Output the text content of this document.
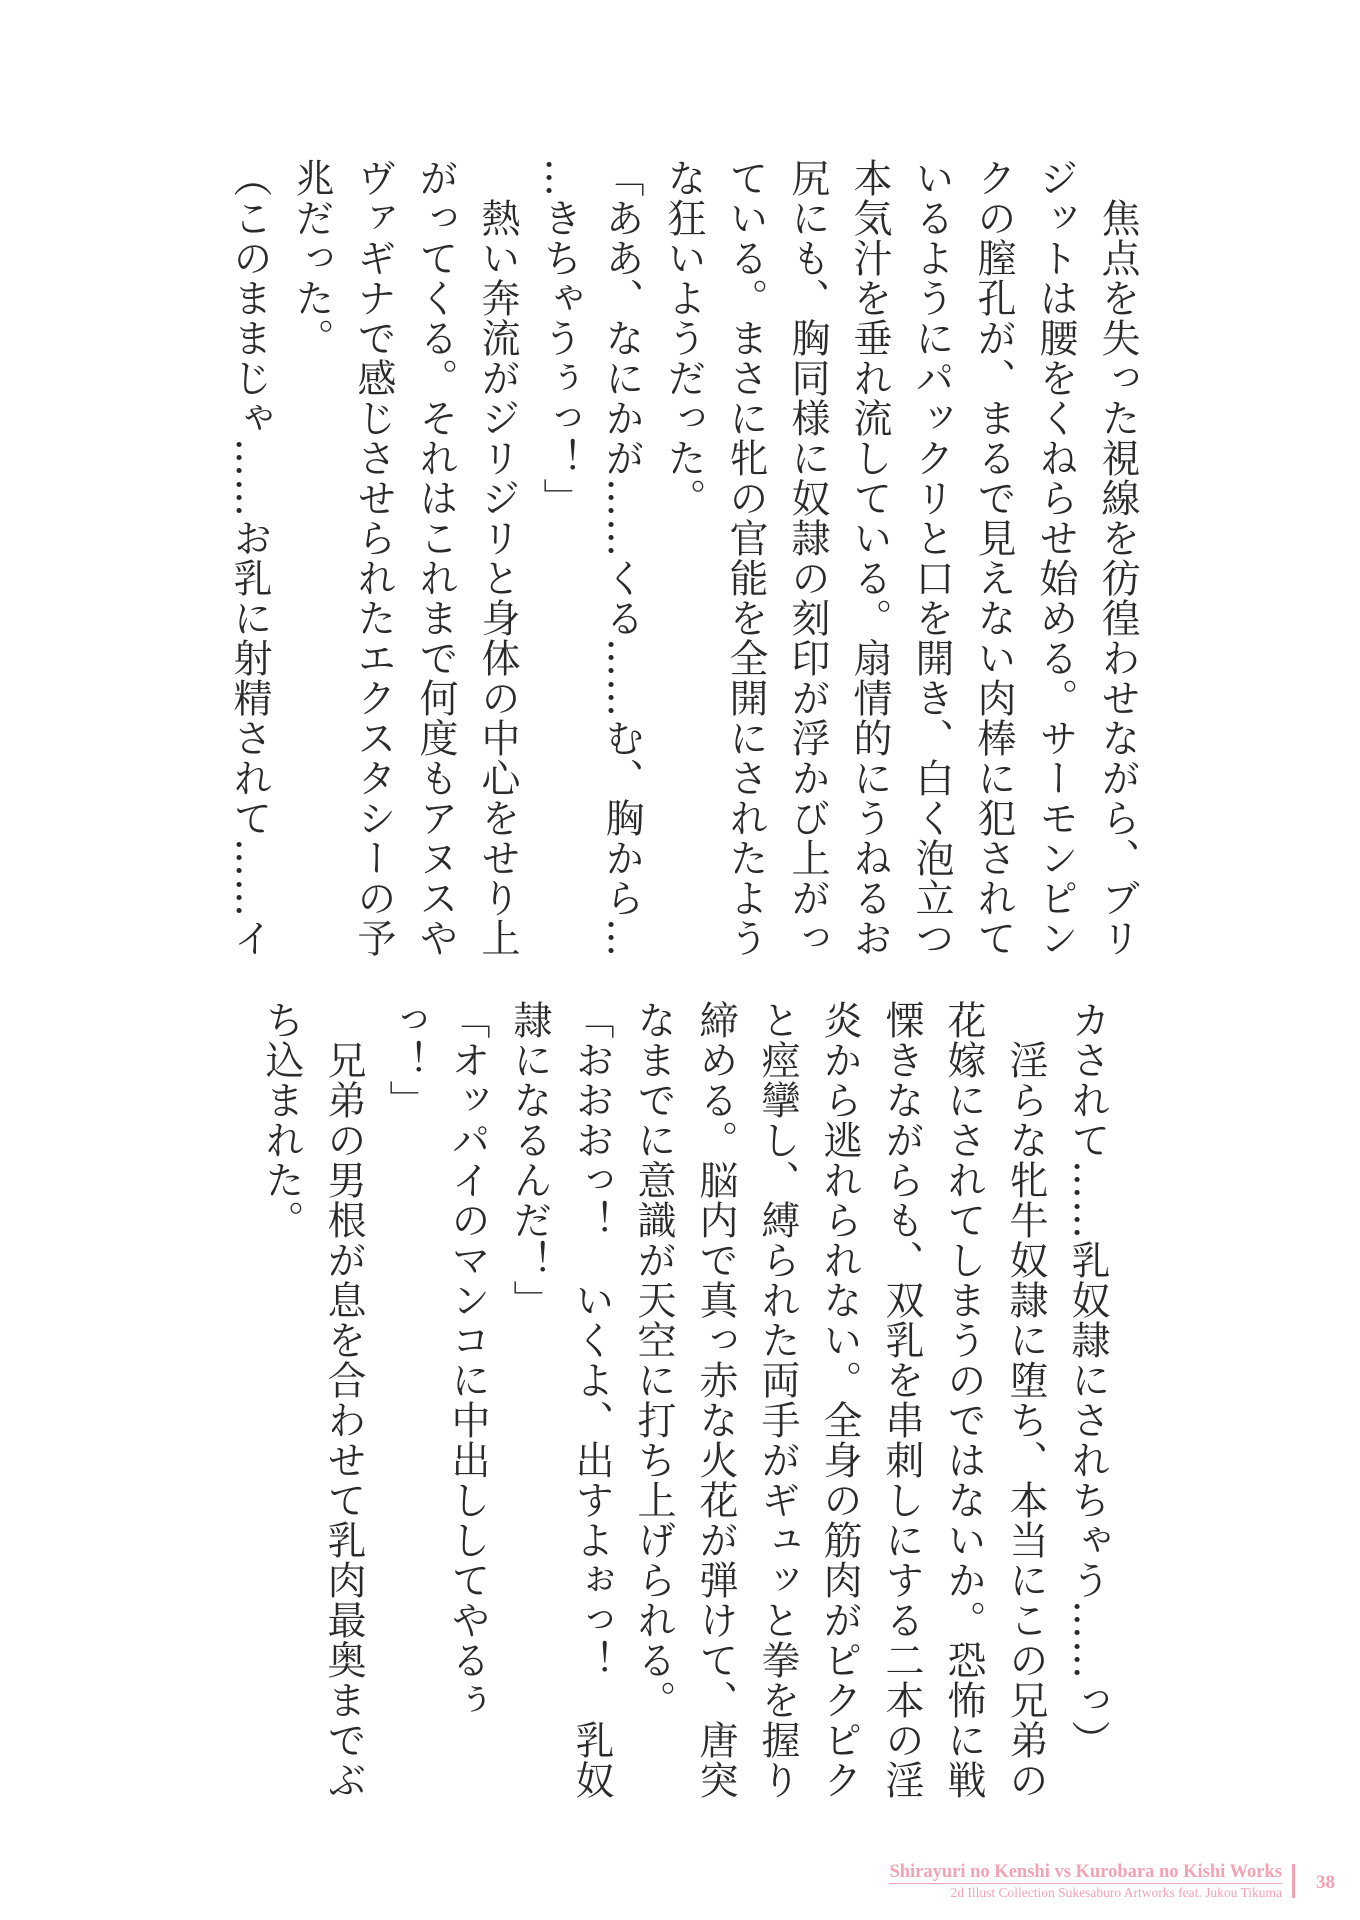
　焦点を失った視線を彷徨わせながら、ブリ
ジットは腰をくねらせ始める。サーモンピン
クの膣孔が、まるで見えない肉棒に犯されて
いるようにパックリと口を開き、白く泡立つ
本気汁を垂れ流している。扇情的にうねるお
尻にも、胸同様に奴隷の刻印が浮かび上がっ
ている。まさに牝の官能を全開にされたよう
な狂いようだった。
「ああ、なにかが……くる……む、胸から…
…きちゃうぅっ！」
　熱い奔流がジリジリと身体の中心をせり上
がってくる。それはこれまで何度もアヌスや
ヴァギナで感じさせられたエクスタシーの予
兆だった。
（このままじゃ……お乳に射精されて……イ
カされて……乳奴隷にされちゃう……っ）
　淫らな牝牛奴隷に堕ち、本当にこの兄弟の
花嫁にされてしまうのではないか。恐怖に戦
慄きながらも、双乳を串刺しにする二本の淫
炎から逃れられない。全身の筋肉がピクピク
と痙攣し、縛られた両手がギュッと拳を握り
締める。脳内で真っ赤な火花が弾けて、唐突
なまでに意識が天空に打ち上げられる。
「おおおっ！　いくよ、出すよぉっ！　乳奴
隷になるんだ！」
「オッパイのマンコに中出ししてやるぅ
っ！」
　兄弟の男根が息を合わせて乳肉最奥までぶ
ち込まれた。
Shirayuri no Kenshi vs Kurobara no Kishi Works
2d Illust Collection Sukesaburo Artworks feat. Jukou Tikuma 38
